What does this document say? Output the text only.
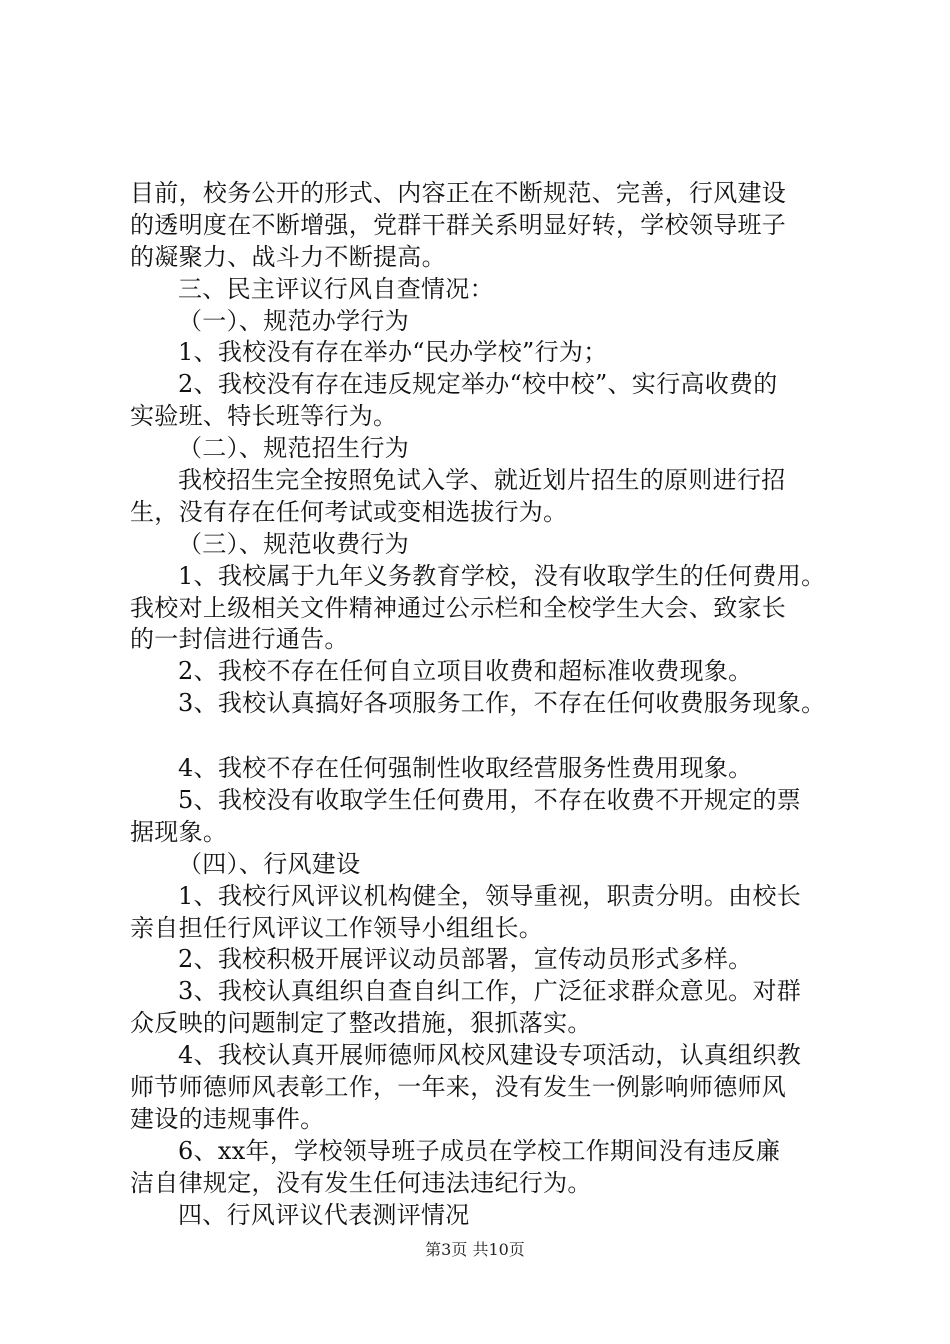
目前，校务公开的形式、内容正在不断规范、完善，行风建设
的透明度在不断增强，党群干群关系明显好转，学校领导班子
的凝聚力、战斗力不断提高。
三、民主评议行风自查情况：
（一）、规范办学行为
1、我校没有存在举办“民办学校”行为；
2、我校没有存在违反规定举办“校中校”、实行高收费的
实验班、特长班等行为。
（二）、规范招生行为
我校招生完全按照免试入学、就近划片招生的原则进行招
生，没有存在任何考试或变相选拔行为。
（三）、规范收费行为
1、我校属于九年义务教育学校，没有收取学生的任何费用。
我校对上级相关文件精神通过公示栏和全校学生大会、致家长
的一封信进行通告。
2、我校不存在任何自立项目收费和超标准收费现象。
3、我校认真搞好各项服务工作，不存在任何收费服务现象。
4、我校不存在任何强制性收取经营服务性费用现象。
5、我校没有收取学生任何费用，不存在收费不开规定的票
据现象。
（四）、行风建设
1、我校行风评议机构健全，领导重视，职责分明。由校长
亲自担任行风评议工作领导小组组长。
2、我校积极开展评议动员部署，宣传动员形式多样。
3、我校认真组织自查自纠工作，广泛征求群众意见。对群
众反映的问题制定了整改措施，狠抓落实。
4、我校认真开展师德师风校风建设专项活动，认真组织教
师节师德师风表彰工作，一年来，没有发生一例影响师德师风
建设的违规事件。
6、xx年，学校领导班子成员在学校工作期间没有违反廉
洁自律规定，没有发生任何违法违纪行为。
四、行风评议代表测评情况
第3页 共10页
